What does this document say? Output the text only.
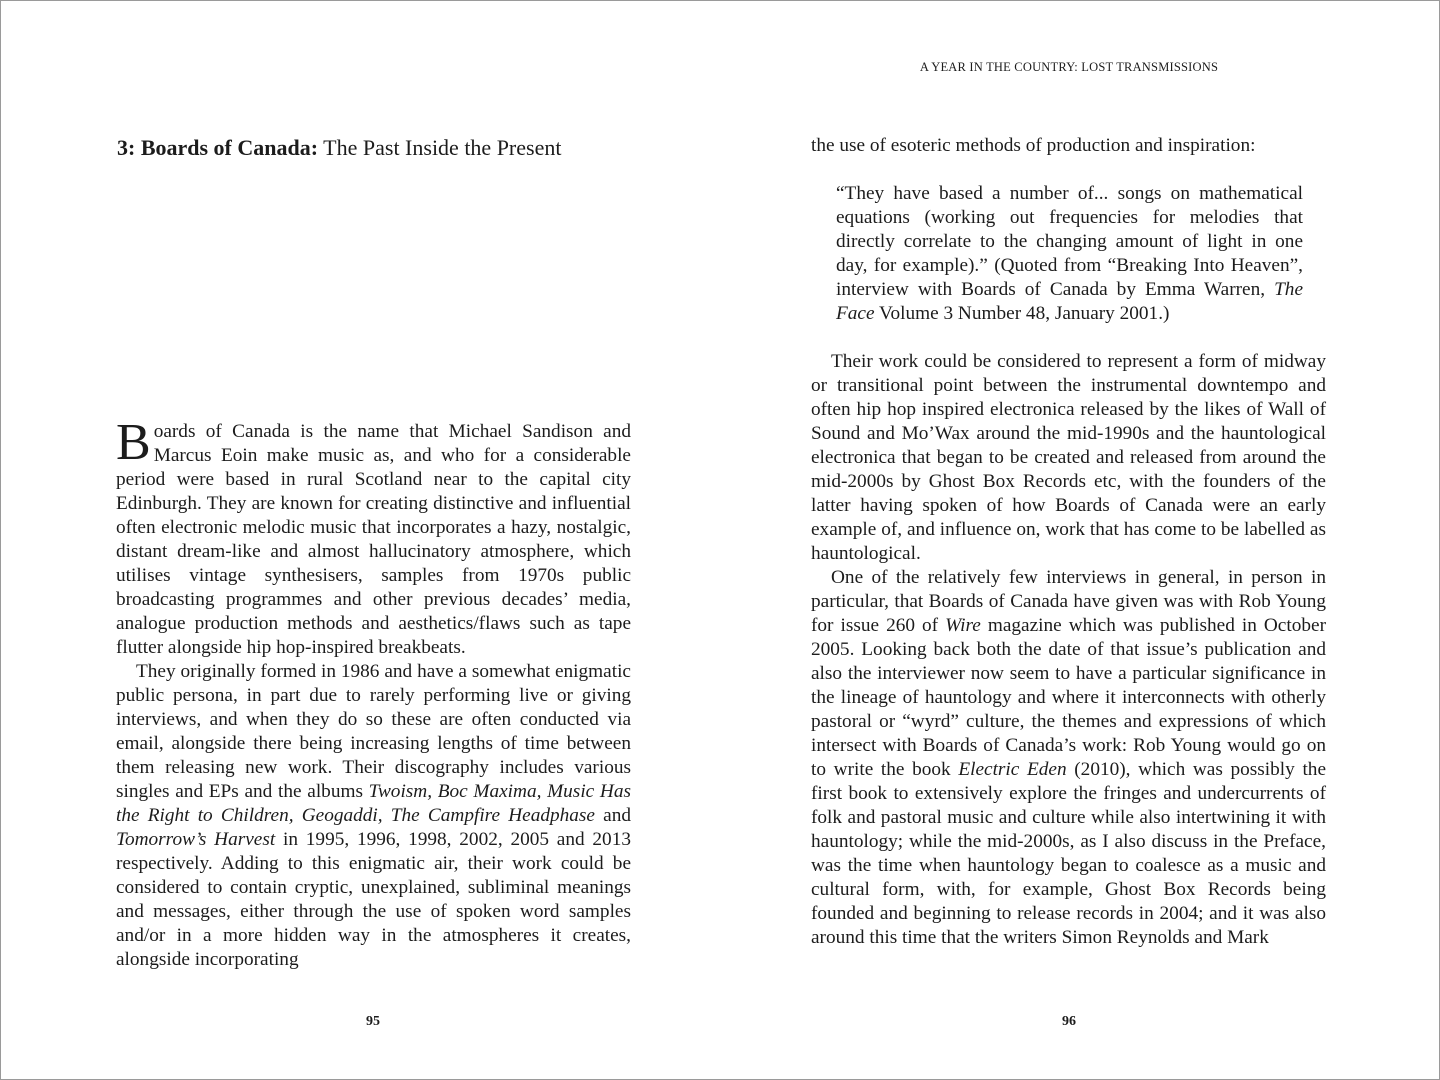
A YEAR IN THE COUNTRY: LOST TRANSMISSIONS
3: Boards of Canada: The Past Inside the Present

Boards of Canada is the name that Michael Sandison and Marcus Eoin make music as, and who for a considerable period were based in rural Scotland near to the capital city Edinburgh. They are known for creating distinctive and influential often electronic melodic music that incorporates a hazy, nostalgic, distant dream-like and almost hallucinatory atmosphere, which utilises vintage synthesisers, samples from 1970s public broadcasting programmes and other previous decades’ media, analogue production methods and aesthetics/flaws such as tape flutter alongside hip hop-inspired breakbeats.

They originally formed in 1986 and have a somewhat enigmatic public persona, in part due to rarely performing live or giving interviews, and when they do so these are often conducted via email, alongside there being increasing lengths of time between them releasing new work. Their discography includes various singles and EPs and the albums Twoism, Boc Maxima, Music Has the Right to Children, Geogaddi, The Campfire Headphase and Tomorrow’s Harvest in 1995, 1996, 1998, 2002, 2005 and 2013 respectively. Adding to this enigmatic air, their work could be considered to contain cryptic, unexplained, subliminal meanings and messages, either through the use of spoken word samples and/or in a more hidden way in the atmospheres it creates, alongside incorporating

95

the use of esoteric methods of production and inspiration:

“They have based a number of... songs on mathematical equations (working out frequencies for melodies that directly correlate to the changing amount of light in one day, for example).” (Quoted from “Breaking Into Heaven”, interview with Boards of Canada by Emma Warren, The Face Volume 3 Number 48, January 2001.)

Their work could be considered to represent a form of midway or transitional point between the instrumental downtempo and often hip hop inspired electronica released by the likes of Wall of Sound and Mo’Wax around the mid-1990s and the hauntological electronica that began to be created and released from around the mid-2000s by Ghost Box Records etc, with the founders of the latter having spoken of how Boards of Canada were an early example of, and influence on, work that has come to be labelled as hauntological.

One of the relatively few interviews in general, in person in particular, that Boards of Canada have given was with Rob Young for issue 260 of Wire magazine which was published in October 2005. Looking back both the date of that issue’s publication and also the interviewer now seem to have a particular significance in the lineage of hauntology and where it interconnects with otherly pastoral or “wyrd” culture, the themes and expressions of which intersect with Boards of Canada’s work: Rob Young would go on to write the book Electric Eden (2010), which was possibly the first book to extensively explore the fringes and undercurrents of folk and pastoral music and culture while also intertwining it with hauntology; while the mid-2000s, as I also discuss in the Preface, was the time when hauntology began to coalesce as a music and cultural form, with, for example, Ghost Box Records being founded and beginning to release records in 2004; and it was also around this time that the writers Simon Reynolds and Mark

96
